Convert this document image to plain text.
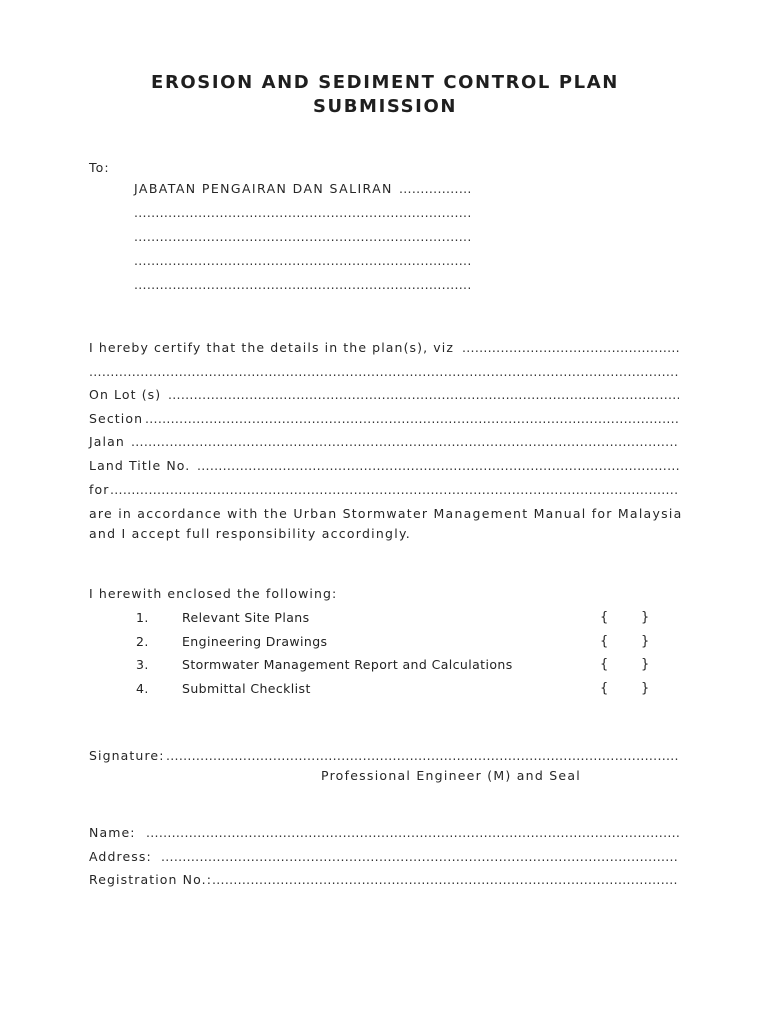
EROSION AND SEDIMENT CONTROL PLAN
SUBMISSION
To:
JABATAN PENGAIRAN DAN SALIRAN
.....
.....
.....
.....
.....
I hereby certify that the details in the plan(s), viz
.....
.....
On Lot (s)
.....
Section
.....
Jalan
.....
Land Title No.
.....
for
.....
are in accordance with the Urban Stormwater Management Manual for Malaysia
and I accept full responsibility accordingly.
I herewith enclosed the following:
1.	Relevant Site Plans	{	}
2.	Engineering Drawings	{	}
3.	Stormwater Management Report and Calculations	{	}
4.	Submittal Checklist	{	}
Signature:
.....
Professional Engineer (M) and Seal
Name:
.....
Address:
.....
Registration No.:
.....
